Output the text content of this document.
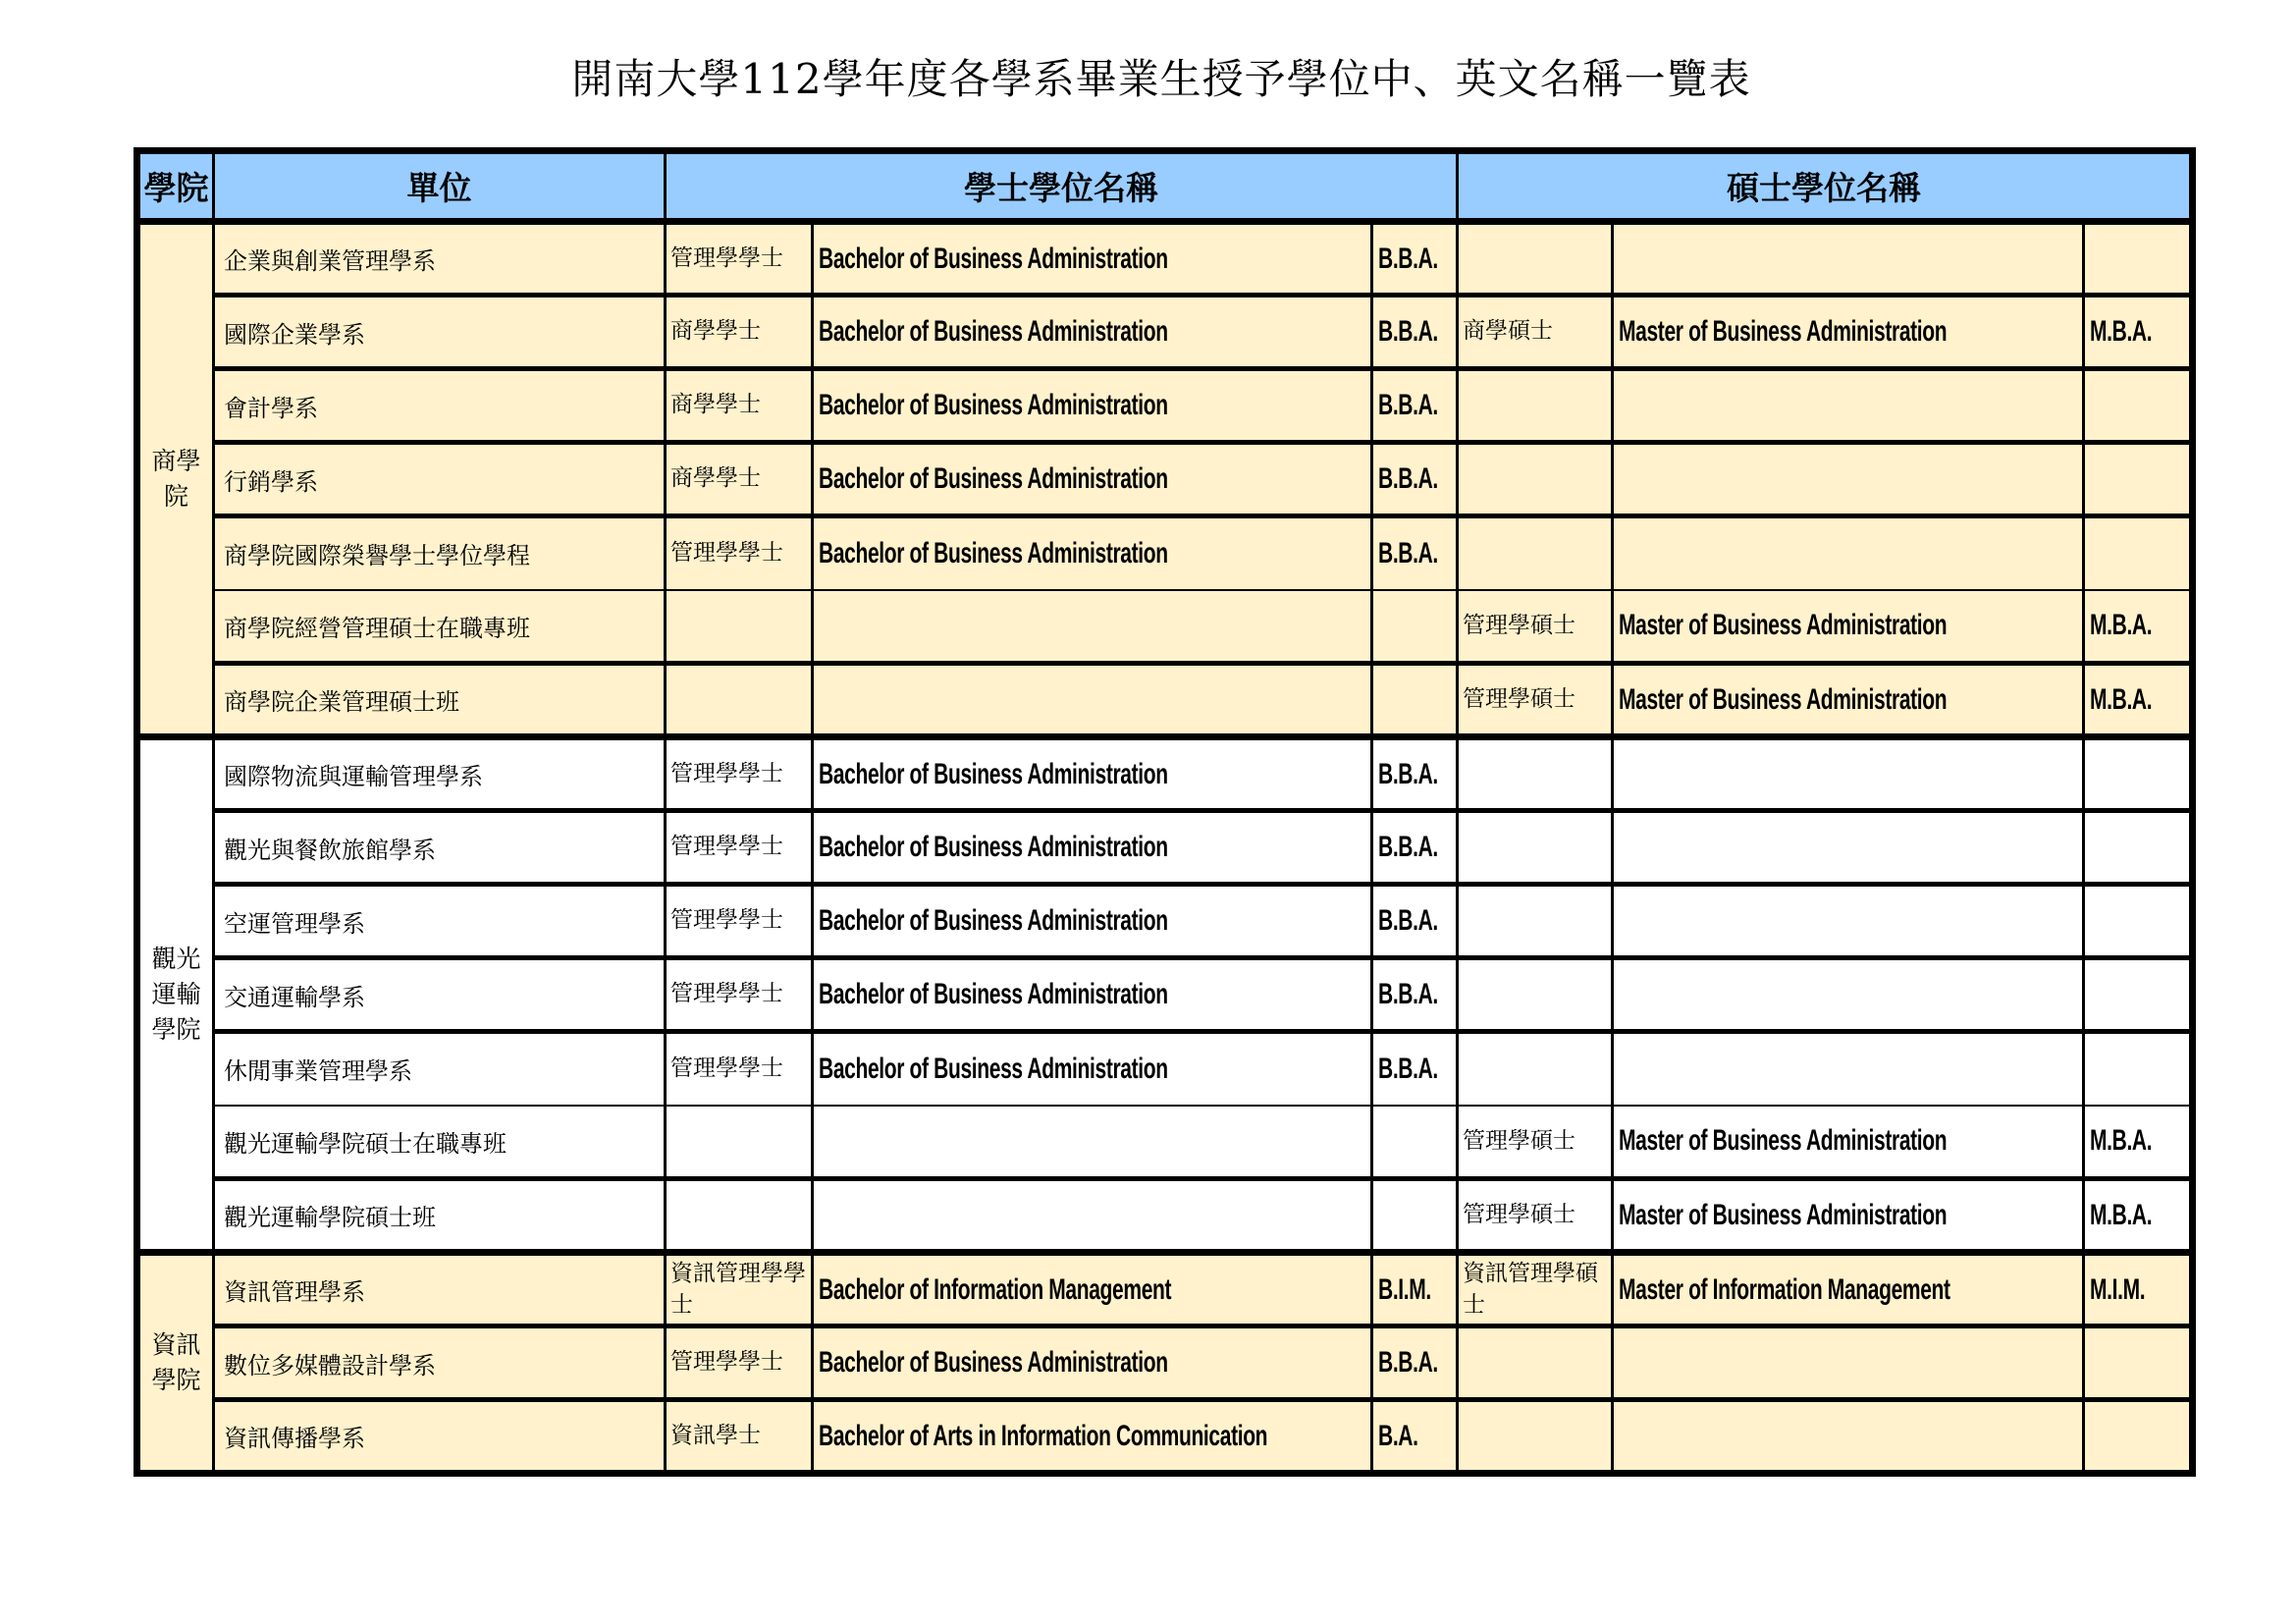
開南大學112學年度各學系畢業生授予學位中、英文名稱一覽表
學院	單位	學士學位名稱			碩士學位名稱		
商學院	企業與創業管理學系	管理學學士	Bachelor of Business Administration	B.B.A.			
	國際企業學系	商學學士	Bachelor of Business Administration	B.B.A.	商學碩士	Master of Business Administration	M.B.A.
	會計學系	商學學士	Bachelor of Business Administration	B.B.A.			
	行銷學系	商學學士	Bachelor of Business Administration	B.B.A.			
	商學院國際榮譽學士學位學程	管理學學士	Bachelor of Business Administration	B.B.A.			
	商學院經營管理碩士在職專班				管理學碩士	Master of Business Administration	M.B.A.
	商學院企業管理碩士班				管理學碩士	Master of Business Administration	M.B.A.
觀光運輸學院	國際物流與運輸管理學系	管理學學士	Bachelor of Business Administration	B.B.A.			
	觀光與餐飲旅館學系	管理學學士	Bachelor of Business Administration	B.B.A.			
	空運管理學系	管理學學士	Bachelor of Business Administration	B.B.A.			
	交通運輸學系	管理學學士	Bachelor of Business Administration	B.B.A.			
	休閒事業管理學系	管理學學士	Bachelor of Business Administration	B.B.A.			
	觀光運輸學院碩士在職專班				管理學碩士	Master of Business Administration	M.B.A.
	觀光運輸學院碩士班				管理學碩士	Master of Business Administration	M.B.A.
資訊學院	資訊管理學系	資訊管理學學士	Bachelor of Information Management	B.I.M.	資訊管理學碩士	Master of Information Management	M.I.M.
	數位多媒體設計學系	管理學學士	Bachelor of Business Administration	B.B.A.			
	資訊傳播學系	資訊學士	Bachelor of Arts in Information Communication	B.A.			
